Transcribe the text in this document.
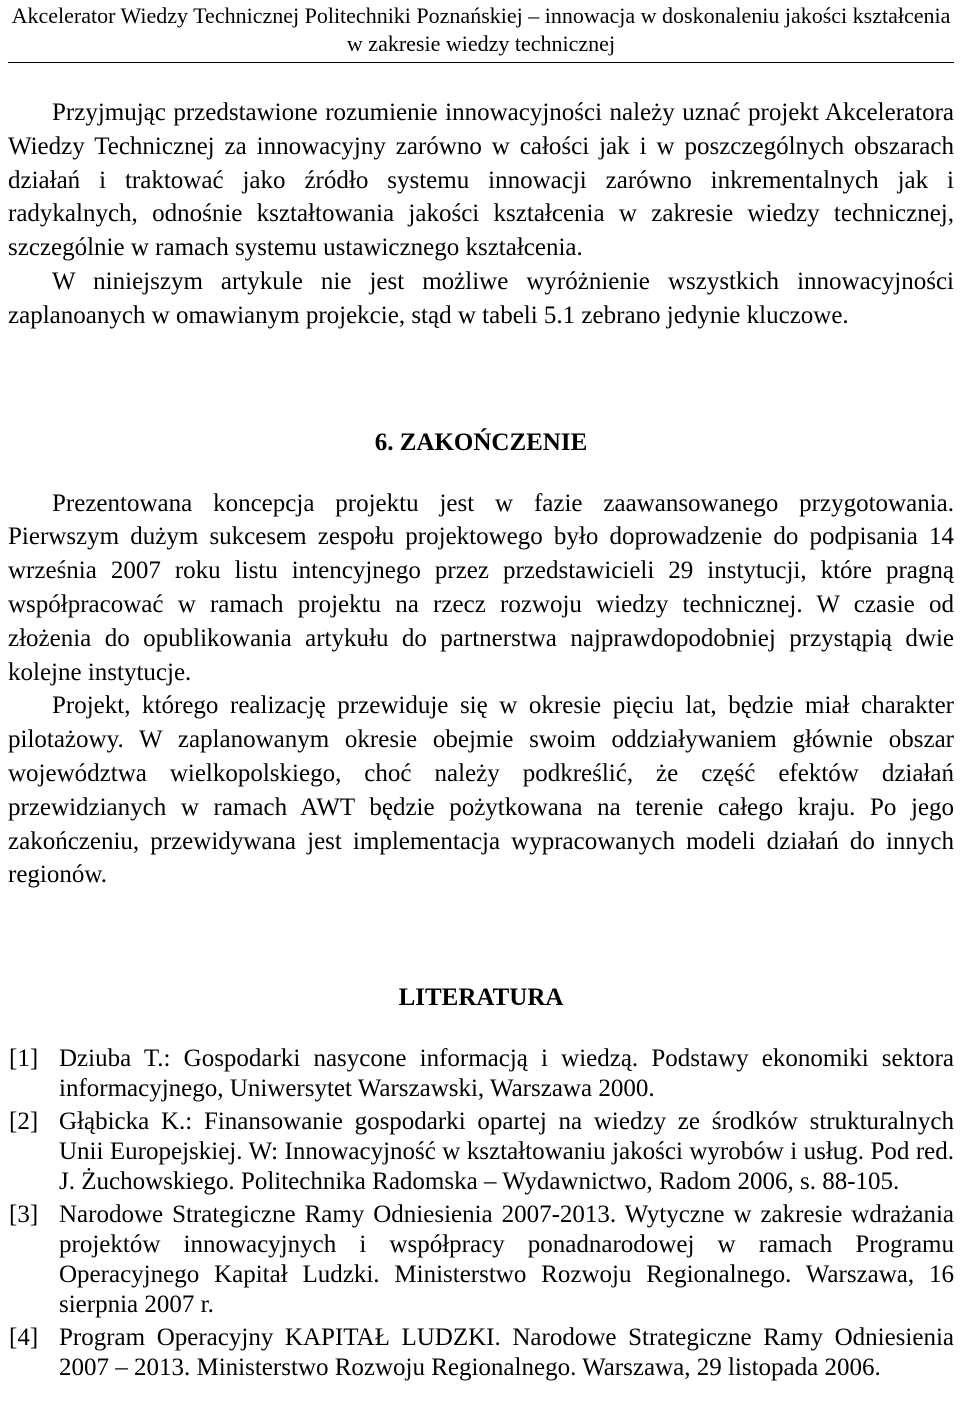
Akcelerator Wiedzy Technicznej Politechniki Poznańskiej – innowacja w doskonaleniu jakości kształcenia w zakresie wiedzy technicznej

Przyjmując przedstawione rozumienie innowacyjności należy uznać projekt Akceleratora Wiedzy Technicznej za innowacyjny zarówno w całości jak i w poszczególnych obszarach działań i traktować jako źródło systemu innowacji zarówno inkrementalnych jak i radykalnych, odnośnie kształtowania jakości kształcenia w zakresie wiedzy technicznej, szczególnie w ramach systemu ustawicznego kształcenia.

W niniejszym artykule nie jest możliwe wyróżnienie wszystkich innowacyjności zaplanoanych w omawianym projekcie, stąd w tabeli 5.1 zebrano jedynie kluczowe.

6. ZAKOŃCZENIE

Prezentowana koncepcja projektu jest w fazie zaawansowanego przygotowania. Pierwszym dużym sukcesem zespołu projektowego było doprowadzenie do podpisania 14 września 2007 roku listu intencyjnego przez przedstawicieli 29 instytucji, które pragną współpracować w ramach projektu na rzecz rozwoju wiedzy technicznej. W czasie od złożenia do opublikowania artykułu do partnerstwa najprawdopodobniej przystąpią dwie kolejne instytucje.

Projekt, którego realizację przewiduje się w okresie pięciu lat, będzie miał charakter pilotażowy. W zaplanowanym okresie obejmie swoim oddziaływaniem głównie obszar województwa wielkopolskiego, choć należy podkreślić, że część efektów działań przewidzianych w ramach AWT będzie pożytkowana na terenie całego kraju. Po jego zakończeniu, przewidywana jest implementacja wypracowanych modeli działań do innych regionów.

LITERATURA
[1] Dziuba T.: Gospodarki nasycone informacją i wiedzą. Podstawy ekonomiki sektora informacyjnego, Uniwersytet Warszawski, Warszawa 2000.
[2] Głąbicka K.: Finansowanie gospodarki opartej na wiedzy ze środków strukturalnych Unii Europejskiej. W: Innowacyjność w kształtowaniu jakości wyrobów i usług. Pod red. J. Żuchowskiego. Politechnika Radomska – Wydawnictwo, Radom 2006, s. 88-105.
[3] Narodowe Strategiczne Ramy Odniesienia 2007-2013. Wytyczne w zakresie wdrażania projektów innowacyjnych i współpracy ponadnarodowej w ramach Programu Operacyjnego Kapitał Ludzki. Ministerstwo Rozwoju Regionalnego. Warszawa, 16 sierpnia 2007 r.
[4] Program Operacyjny KAPITAŁ LUDZKI. Narodowe Strategiczne Ramy Odniesienia 2007 – 2013. Ministerstwo Rozwoju Regionalnego. Warszawa, 29 listopada 2006.
